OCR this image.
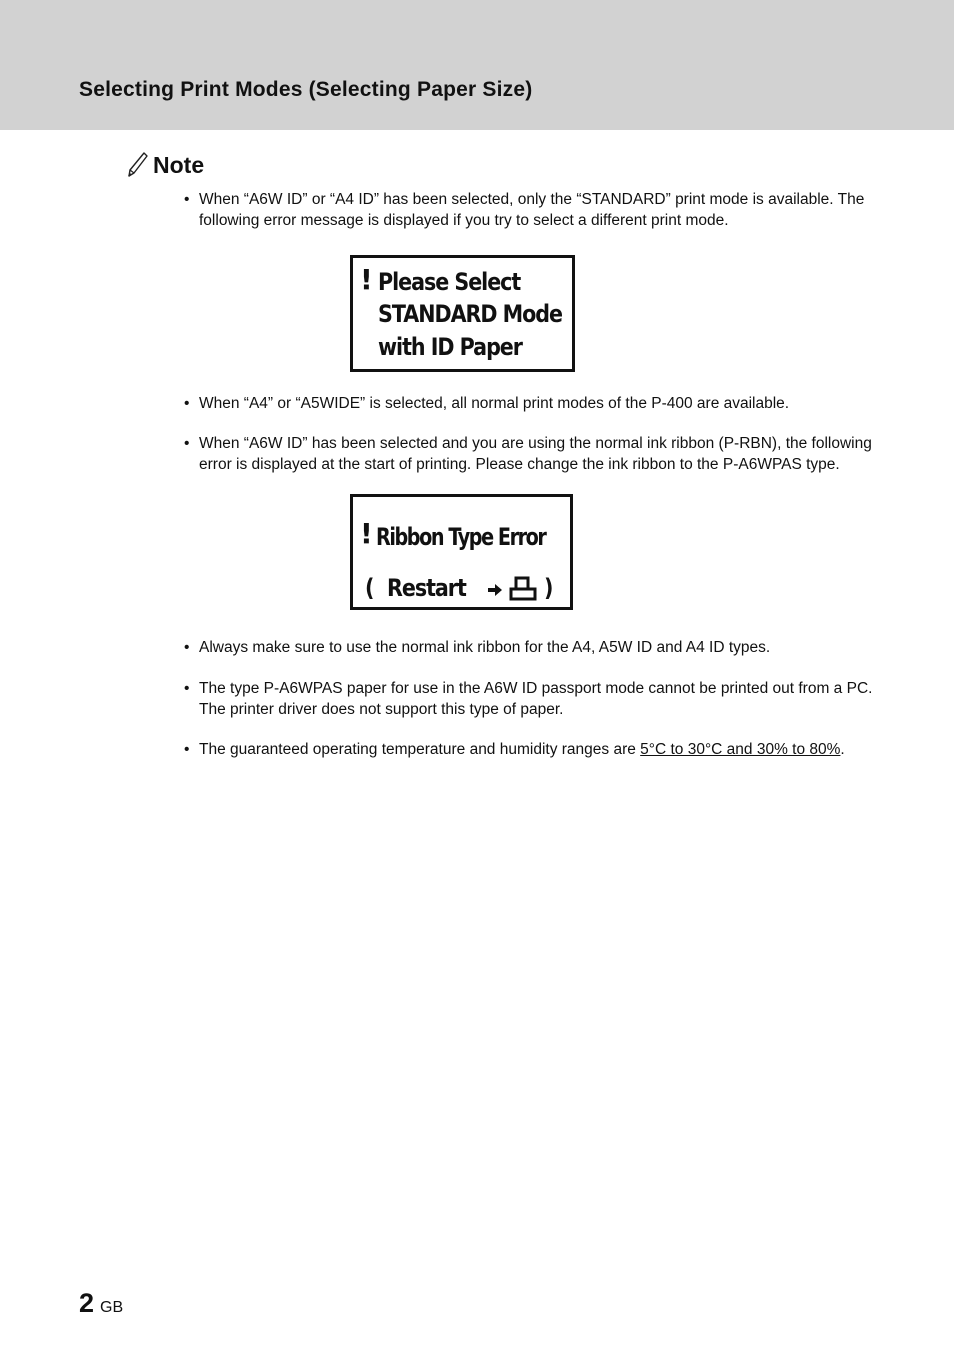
Selecting Print Modes (Selecting Paper Size)
Note
• When “A6W ID” or “A4 ID” has been selected, only the “STANDARD” print mode is available. The following error message is displayed if you try to select a different print mode.
! Please Select
STANDARD Mode
with ID Paper
• When “A4” or “A5WIDE” is selected, all normal print modes of the P-400 are available.
• When “A6W ID” has been selected and you are using the normal ink ribbon (P-RBN), the following error is displayed at the start of printing. Please change the ink ribbon to the P-A6WPAS type.
! Ribbon Type Error
( Restart	)
• Always make sure to use the normal ink ribbon for the A4, A5W ID and A4 ID types.
• The type P-A6WPAS paper for use in the A6W ID passport mode cannot be printed out from a PC. The printer driver does not support this type of paper.
• The guaranteed operating temperature and humidity ranges are 5°C to 30°C and 30% to 80%.
2 GB
